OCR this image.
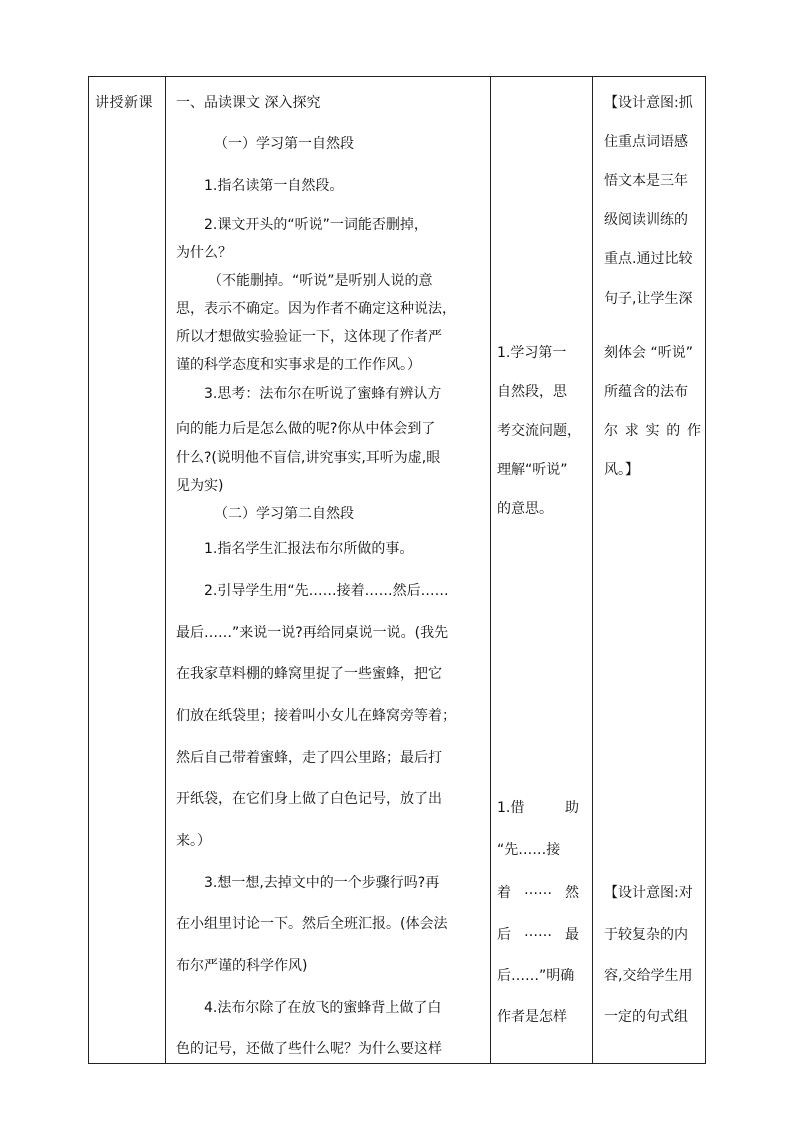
讲授新课 一、品读课文 深入探究
（一）学习第一自然段
1.指名读第一自然段。
2.课文开头的“听说”一词能否删掉，
为什么？
（不能删掉。“听说”是听别人说的意
思，表示不确定。因为作者不确定这种说法，
所以才想做实验验证一下，这体现了作者严
谨的科学态度和实事求是的工作作风。）
3.思考：法布尔在听说了蜜蜂有辨认方
向的能力后是怎么做的呢?你从中体会到了
什么?(说明他不盲信,讲究事实,耳听为虚,眼
见为实)
（二）学习第二自然段
1.指名学生汇报法布尔所做的事。
2.引导学生用“先……接着……然后……
最后……”来说一说?再给同桌说一说。(我先
在我家草料棚的蜂窝里捉了一些蜜蜂，把它
们放在纸袋里；接着叫小女儿在蜂窝旁等着；
然后自己带着蜜蜂，走了四公里路；最后打
开纸袋，在它们身上做了白色记号，放了出
来。）
3.想一想,去掉文中的一个步骤行吗?再
在小组里讨论一下。然后全班汇报。(体会法
布尔严谨的科学作风)
4.法布尔除了在放飞的蜜蜂背上做了白
色的记号，还做了些什么呢？为什么要这样
1.学习第一
自然段，思
考交流问题，
理解“听说”
的意思。
1.借	助
“先……接
着 …… 然
后 …… 最
后……”明确
作者是怎样
【设计意图:抓
住重点词语感
悟文本是三年
级阅读训练的
重点.通过比较
句子,让学生深
刻体会 “听说”
所蕴含的法布
尔 求 实 的 作
风。】
【设计意图:对
于较复杂的内
容,交给学生用
一定的句式组
